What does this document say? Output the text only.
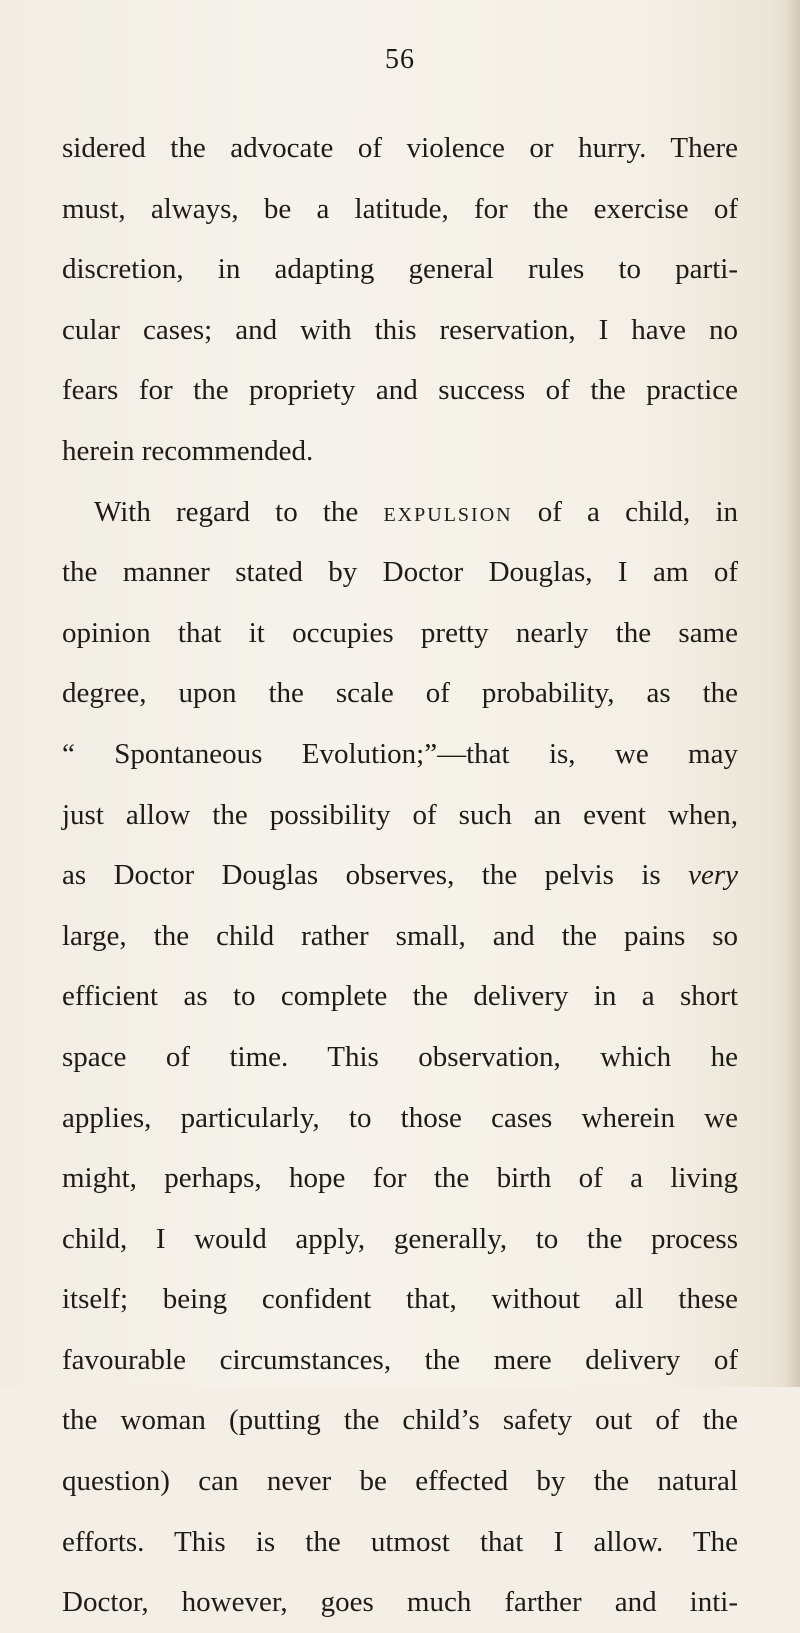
56
sidered the advocate of violence or hurry. There
must, always, be a latitude, for the exercise of
discretion, in adapting general rules to parti-
cular cases; and with this reservation, I have no
fears for the propriety and success of the practice
herein recommended.
With regard to the expulsion of a child, in
the manner stated by Doctor Douglas, I am of
opinion that it occupies pretty nearly the same
degree, upon the scale of probability, as the
“ Spontaneous Evolution;”—that is, we may
just allow the possibility of such an event when,
as Doctor Douglas observes, the pelvis is very
large, the child rather small, and the pains so
efficient as to complete the delivery in a short
space of time. This observation, which he
applies, particularly, to those cases wherein we
might, perhaps, hope for the birth of a living
child, I would apply, generally, to the process
itself; being confident that, without all these
favourable circumstances, the mere delivery of
the woman (putting the child’s safety out of the
question) can never be effected by the natural
efforts. This is the utmost that I allow. The
Doctor, however, goes much farther and inti-
